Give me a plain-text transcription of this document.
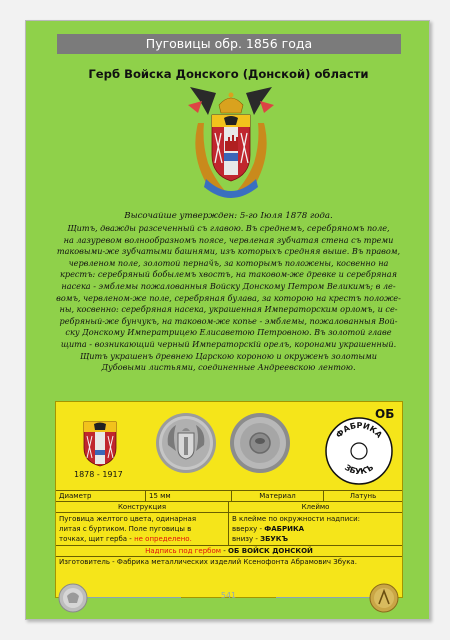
Пуговицы обр. 1856 года
Герб Войска Донского (Донской) области
Высочайше утвержден: 5-го Іюля 1878 года.
Щитъ, дважды разсеченный съ главою. Въ среднемъ, серебряномъ поле,
на лазуревом волнообразномъ поясе, червленая зубчатая стена съ треми
таковыми-же зубчатыми башнями, изъ которыхъ средняя выше. Въ правом,
червленом поле, золотой пернач̆ъ, за которымъ положены, косвенно на
крестъ: серебряный бобылемъ хвостъ, на таковом-же древке и серебряная
насека - эмблемы пожалованныя Войску Донскому Петром Великимъ; в ле-
вомъ, червленом-же поле, серебряная булава, за которою на крестъ положе-
ны, косвенно: серебряная насека, украшенная Императорским орломъ, и се-
ребряный-же бунчукъ, на таковом-же копье - эмблемы, пожалованныя Вой-
ску Донскому Императрицею Елисаветою Петровною. Въ золотой главе
щита - возникающий черный Императорскій орелъ, коронами украшенный.
Щитъ украшенъ древнею Царскою короною и окруженъ золотыми
Дубовыми листьями, соединенные Андреевскою лентою.
1878 - 1917
ОБ
ФАБРИКА
ЗБУКЪ
Диаметр	15 мм	Материал	Латунь
Конструкция	Клеймо
Пуговица желтого цвета, одинарная
литая с буртиком. Поле пуговицы в
точках, щит герба - не определено.
В клейме по окружности надписи:
вверху - ФАБРИКА
внизу - ЗБУКЪ
Надпись под гербом - ОБ ВОЙСК ДОНСКОЙ
Изготовитель - Фабрика металлических изделий Ксенофонта Абрамович Збука.
541
